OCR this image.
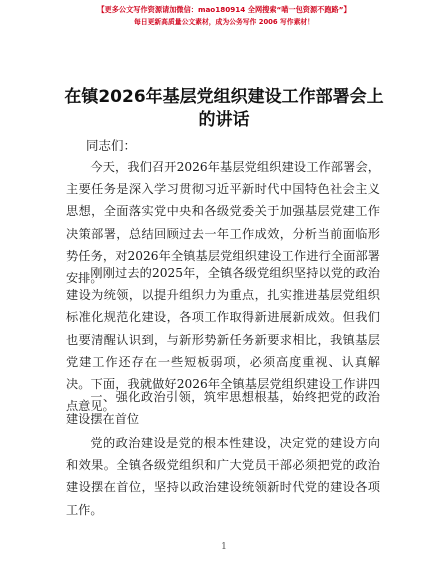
【更多公文写作资源请加微信：mao180914 全网搜索“喵一包资源不跑路”】
每日更新高质量公文素材，成为公务写作 2006 写作素材！
在镇2026年基层党组织建设工作部署会上的讲话
同志们：

今天，我们召开2026年基层党组织建设工作部署会，主要任务是深入学习贯彻习近平新时代中国特色社会主义思想，全面落实党中央和各级党委关于加强基层党建工作决策部署，总结回顾过去一年工作成效，分析当前面临形势任务，对2026年全镇基层党组织建设工作进行全面部署安排。

刚刚过去的2025年，全镇各级党组织坚持以党的政治建设为统领，以提升组织力为重点，扎实推进基层党组织标准化规范化建设，各项工作取得新进展新成效。但我们也要清醒认识到，与新形势新任务新要求相比，我镇基层党建工作还存在一些短板弱项，必须高度重视、认真解决。下面，我就做好2026年全镇基层党组织建设工作讲四点意见。

一、强化政治引领，筑牢思想根基，始终把党的政治建设摆在首位

党的政治建设是党的根本性建设，决定党的建设方向和效果。全镇各级党组织和广大党员干部必须把党的政治建设摆在首位，坚持以政治建设统领新时代党的建设各项工作。

1
